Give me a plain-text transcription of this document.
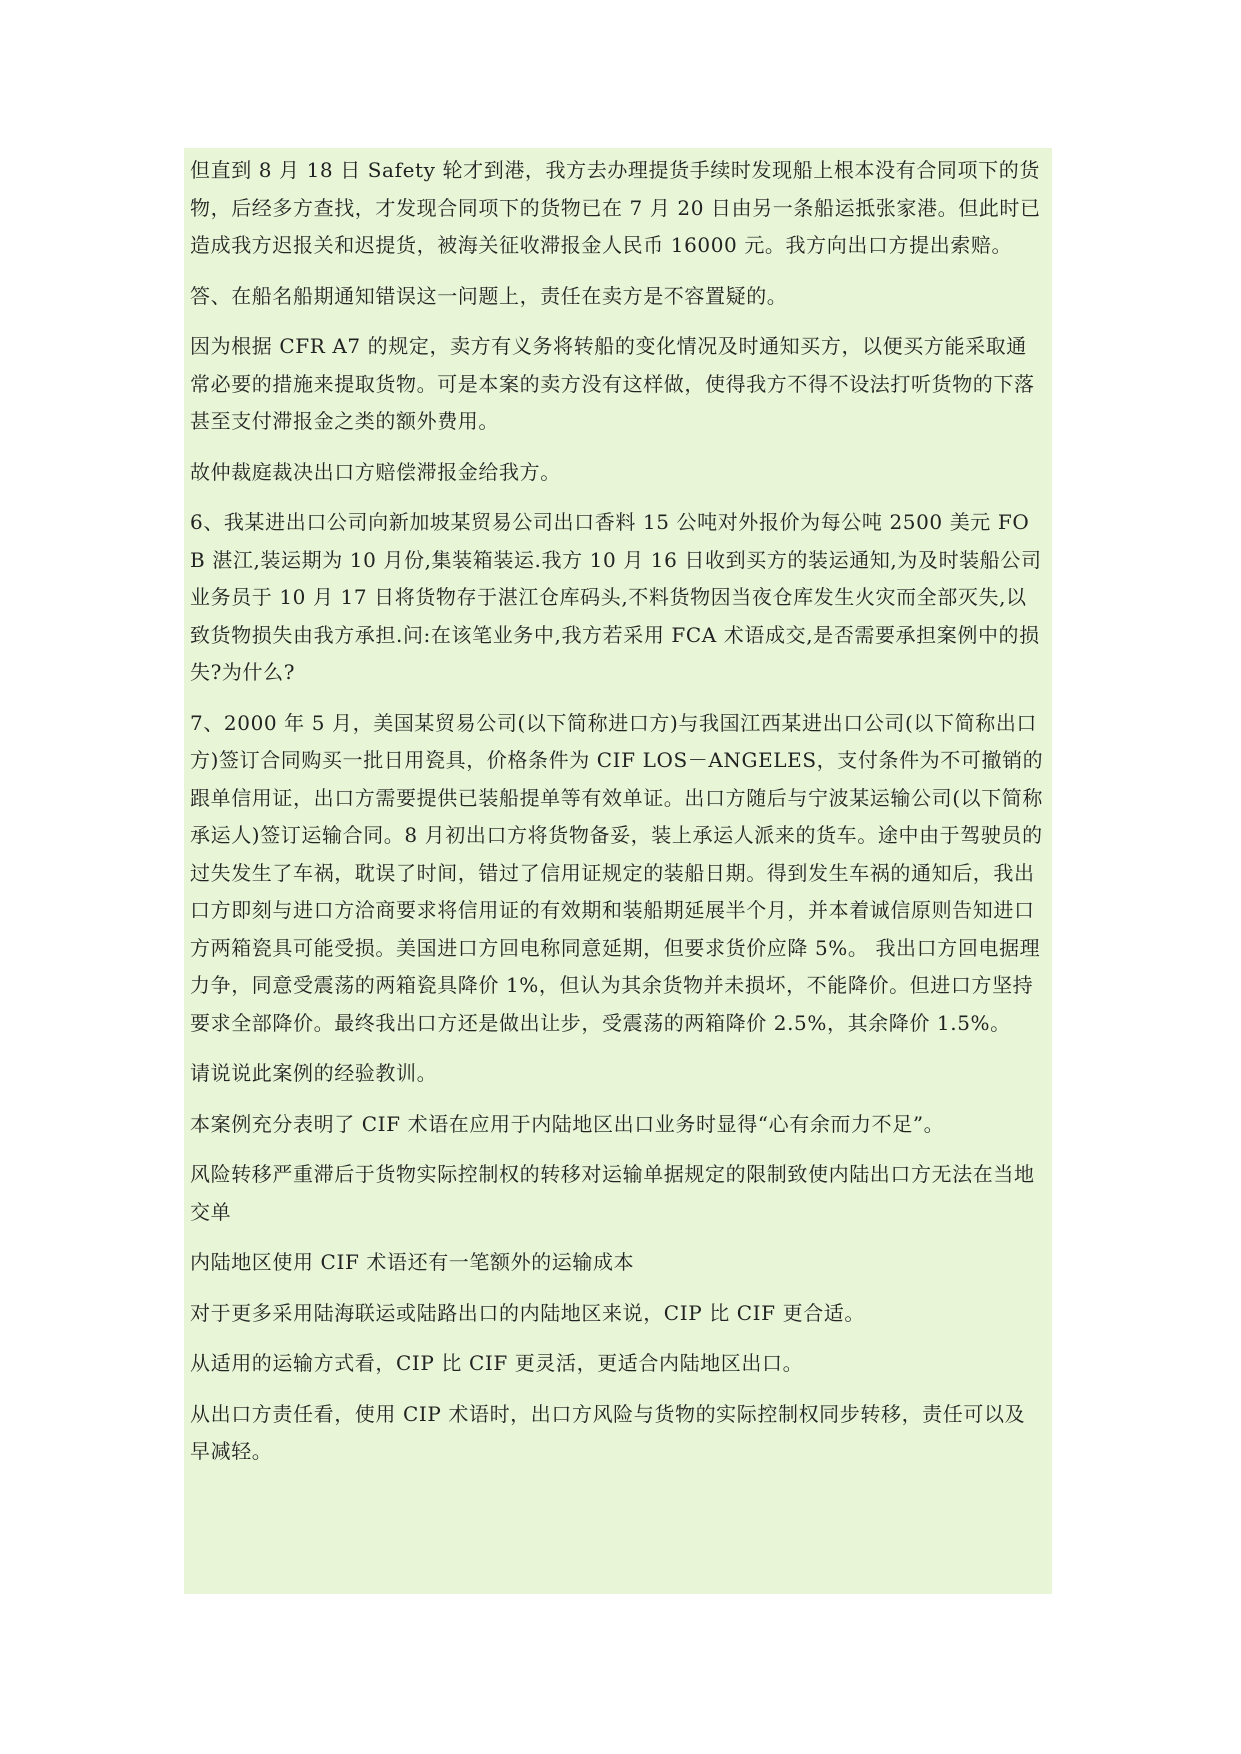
但直到 8 月 18 日 Safety 轮才到港，我方去办理提货手续时发现船上根本没有合同项下的货物，后经多方查找，才发现合同项下的货物已在 7 月 20 日由另一条船运抵张家港。但此时已造成我方迟报关和迟提货，被海关征收滞报金人民币 16000 元。我方向出口方提出索赔。

答、在船名船期通知错误这一问题上，责任在卖方是不容置疑的。

因为根据 CFR A7 的规定，卖方有义务将转船的变化情况及时通知买方，以便买方能采取通常必要的措施来提取货物。可是本案的卖方没有这样做，使得我方不得不设法打听货物的下落甚至支付滞报金之类的额外费用。

故仲裁庭裁决出口方赔偿滞报金给我方。

6、我某进出口公司向新加坡某贸易公司出口香料 15 公吨对外报价为每公吨 2500 美元 FOB 湛江,装运期为 10 月份,集装箱装运.我方 10 月 16 日收到买方的装运通知,为及时装船公司业务员于 10 月 17 日将货物存于湛江仓库码头,不料货物因当夜仓库发生火灾而全部灭失,以致货物损失由我方承担.问:在该笔业务中,我方若采用 FCA 术语成交,是否需要承担案例中的损失?为什么?

7、2000 年 5 月，美国某贸易公司(以下简称进口方)与我国江西某进出口公司(以下简称出口方)签订合同购买一批日用瓷具，价格条件为 CIF LOS－ANGELES，支付条件为不可撤销的跟单信用证，出口方需要提供已装船提单等有效单证。出口方随后与宁波某运输公司(以下简称承运人)签订运输合同。8 月初出口方将货物备妥，装上承运人派来的货车。途中由于驾驶员的过失发生了车祸，耽误了时间，错过了信用证规定的装船日期。得到发生车祸的通知后，我出口方即刻与进口方洽商要求将信用证的有效期和装船期延展半个月，并本着诚信原则告知进口方两箱瓷具可能受损。美国进口方回电称同意延期，但要求货价应降 5%。 我出口方回电据理力争，同意受震荡的两箱瓷具降价 1%，但认为其余货物并未损坏，不能降价。但进口方坚持要求全部降价。最终我出口方还是做出让步，受震荡的两箱降价 2.5%，其余降价 1.5%。

请说说此案例的经验教训。

本案例充分表明了 CIF 术语在应用于内陆地区出口业务时显得“心有余而力不足”。

风险转移严重滞后于货物实际控制权的转移对运输单据规定的限制致使内陆出口方无法在当地交单

内陆地区使用 CIF 术语还有一笔额外的运输成本

对于更多采用陆海联运或陆路出口的内陆地区来说，CIP 比 CIF 更合适。

从适用的运输方式看，CIP 比 CIF 更灵活，更适合内陆地区出口。

从出口方责任看，使用 CIP 术语时，出口方风险与货物的实际控制权同步转移，责任可以及早减轻。
